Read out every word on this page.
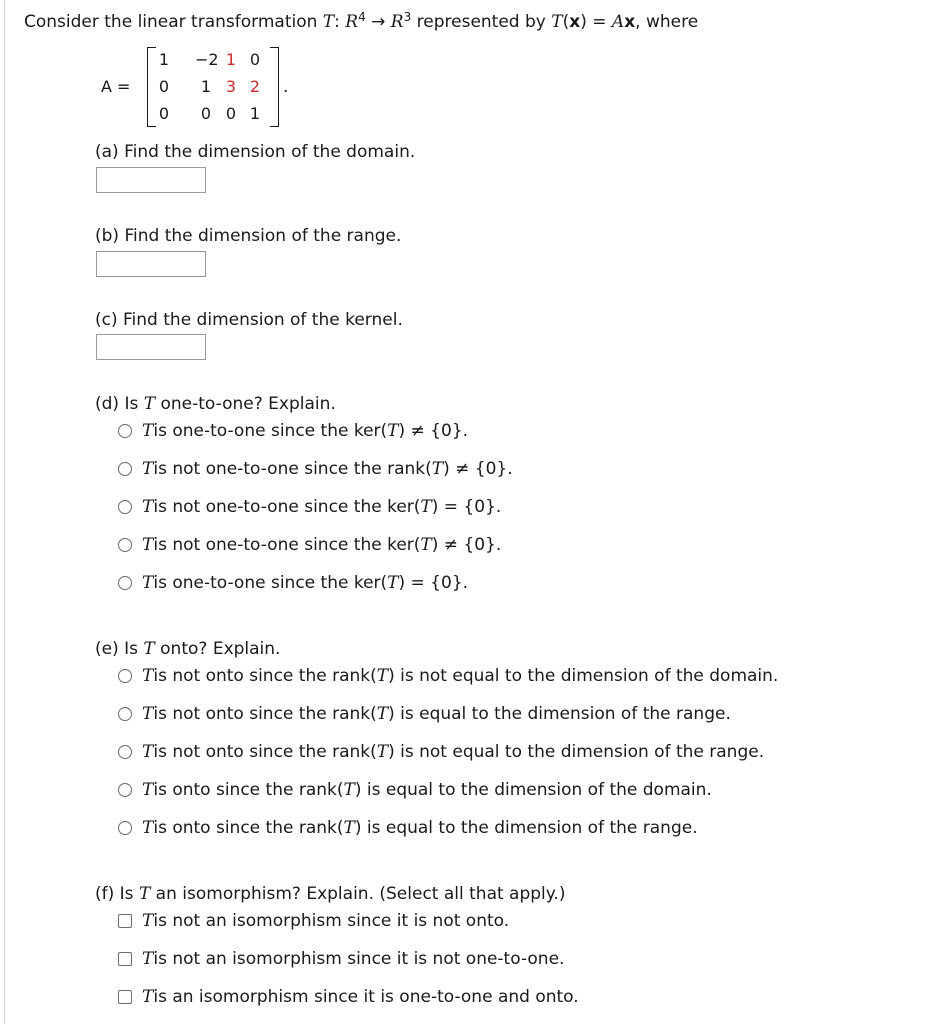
Consider the linear transformation T: $R^4 \to R^3$ represented by T(x) = Ax, where
A =	.
1	−2 1 0
0	1 3 2
0	0 0 1
(a) Find the dimension of the domain.
(b) Find the dimension of the range.
(c) Find the dimension of the kernel.
(d) Is T one-to-one? Explain.
T is one-to-one since the ker( T ) ≠ {0}.
T is not one-to-one since the rank( T ) ≠ {0}.
T is not one-to-one since the ker( T ) = {0}.
T is not one-to-one since the ker( T ) ≠ {0}.
T is one-to-one since the ker( T ) = {0}.
(e) Is T onto? Explain.
T is not onto since the rank( T ) is not equal to the dimension of the domain.
T is not onto since the rank( T ) is equal to the dimension of the range.
T is not onto since the rank( T ) is not equal to the dimension of the range.
T is onto since the rank( T ) is equal to the dimension of the domain.
T is onto since the rank( T ) is equal to the dimension of the range.
(f) Is T an isomorphism? Explain. (Select all that apply.)
T is not an isomorphism since it is not onto.
T is not an isomorphism since it is not one-to-one.
T is an isomorphism since it is one-to-one and onto.
